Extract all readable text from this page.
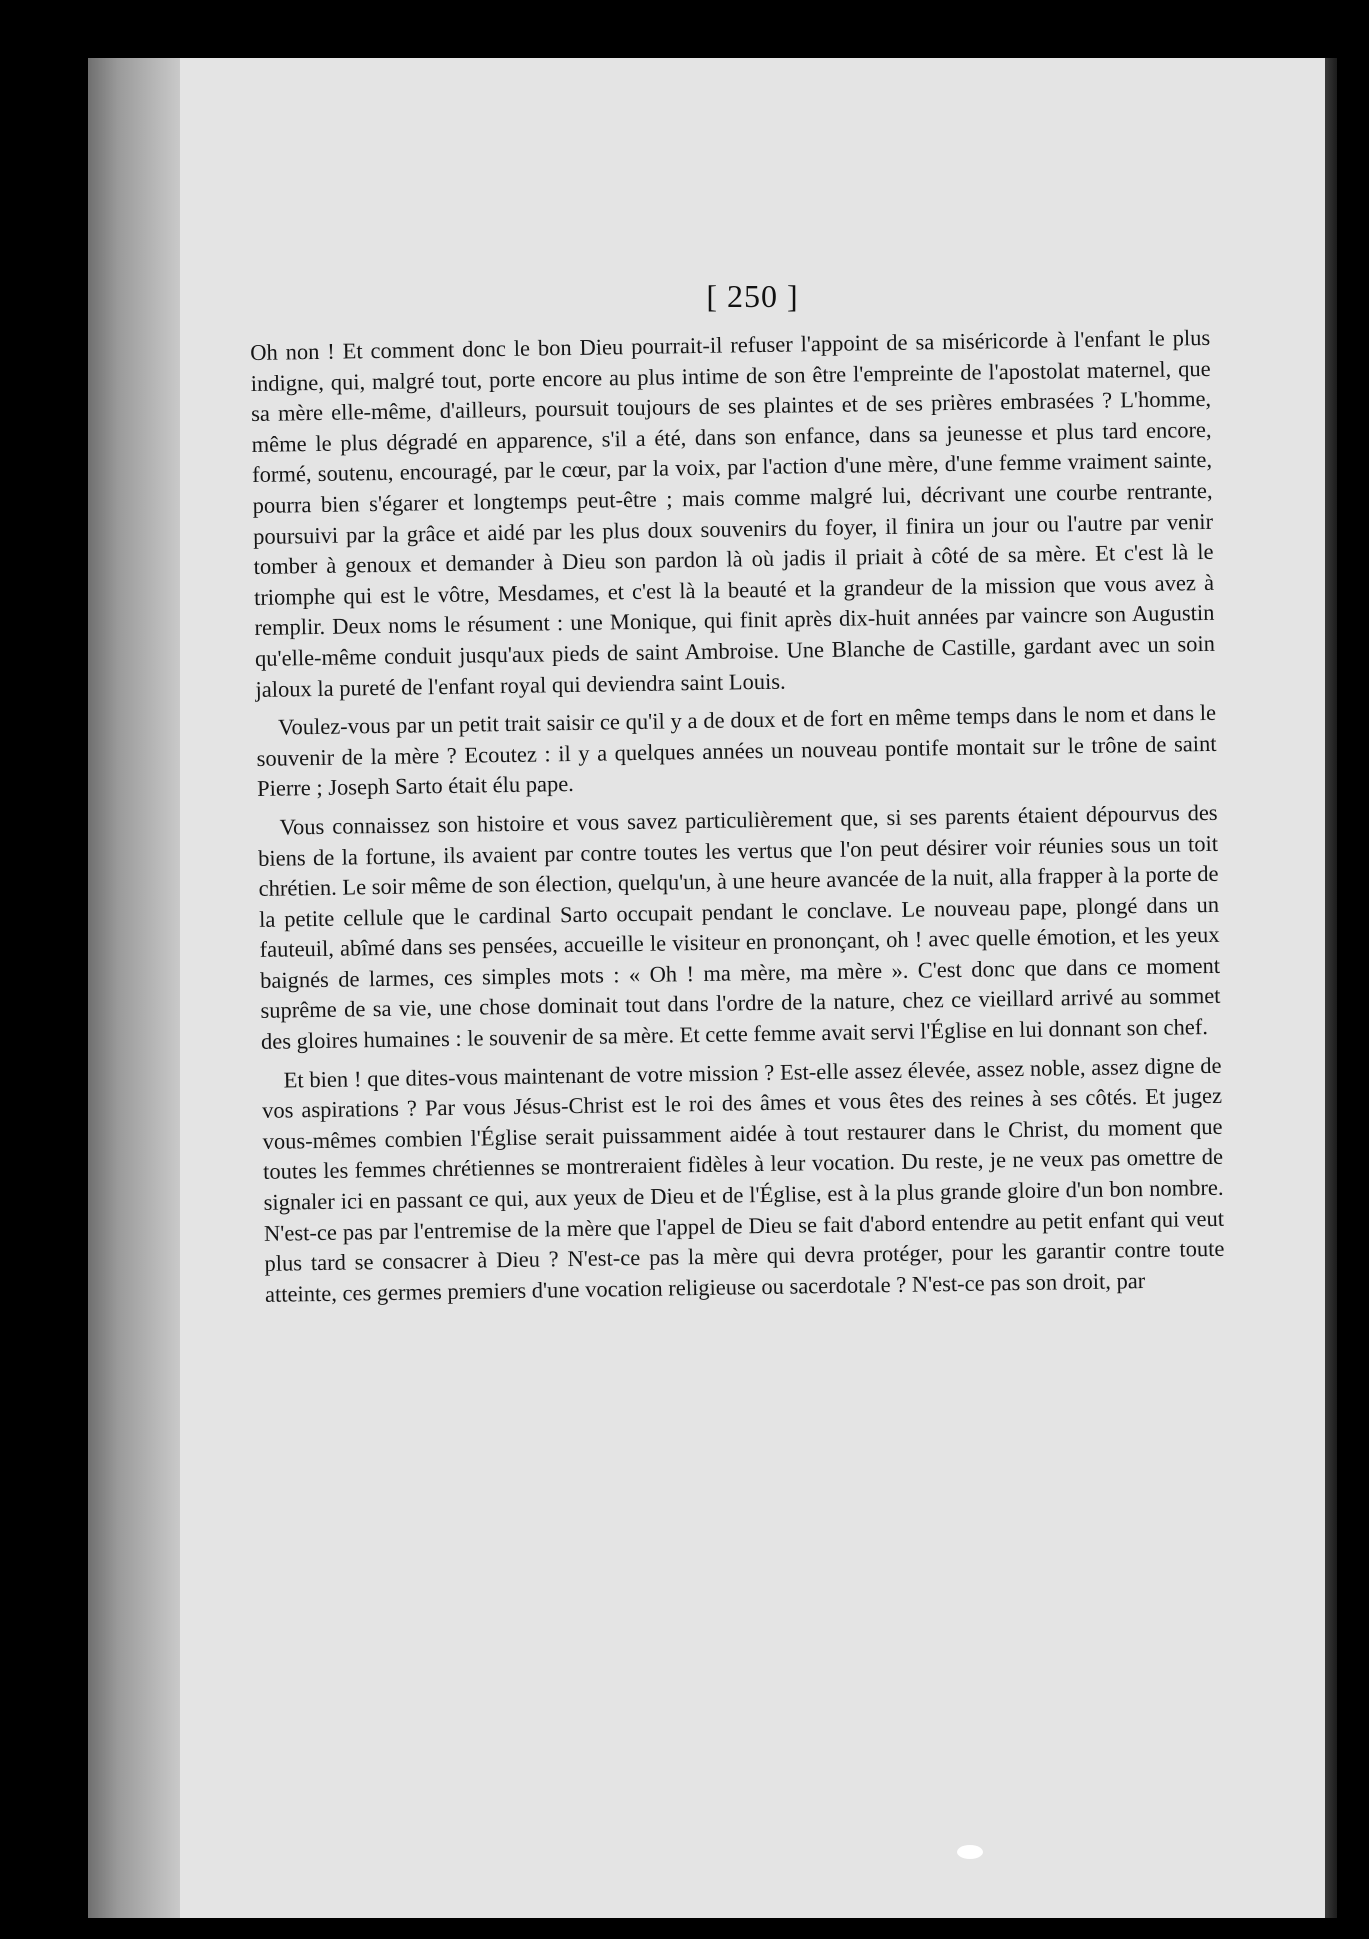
[ 250 ]

Oh non ! Et comment donc le bon Dieu pourrait-il refuser l'appoint de sa miséricorde à l'enfant le plus indigne, qui, malgré tout, porte encore au plus intime de son être l'empreinte de l'apostolat maternel, que sa mère elle-même, d'ailleurs, poursuit toujours de ses plaintes et de ses prières embrasées ? L'homme, même le plus dégradé en apparence, s'il a été, dans son enfance, dans sa jeunesse et plus tard encore, formé, soutenu, encouragé, par le cœur, par la voix, par l'action d'une mère, d'une femme vraiment sainte, pourra bien s'égarer et longtemps peut-être ; mais comme malgré lui, décrivant une courbe rentrante, poursuivi par la grâce et aidé par les plus doux souvenirs du foyer, il finira un jour ou l'autre par venir tomber à genoux et demander à Dieu son pardon là où jadis il priait à côté de sa mère. Et c'est là le triomphe qui est le vôtre, Mesdames, et c'est là la beauté et la grandeur de la mission que vous avez à remplir. Deux noms le résument : une Monique, qui finit après dix-huit années par vaincre son Augustin qu'elle-même conduit jusqu'aux pieds de saint Ambroise. Une Blanche de Castille, gardant avec un soin jaloux la pureté de l'enfant royal qui deviendra saint Louis.

Voulez-vous par un petit trait saisir ce qu'il y a de doux et de fort en même temps dans le nom et dans le souvenir de la mère ? Ecoutez : il y a quelques années un nouveau pontife montait sur le trône de saint Pierre ; Joseph Sarto était élu pape.

Vous connaissez son histoire et vous savez particulièrement que, si ses parents étaient dépourvus des biens de la fortune, ils avaient par contre toutes les vertus que l'on peut désirer voir réunies sous un toit chrétien. Le soir même de son élection, quelqu'un, à une heure avancée de la nuit, alla frapper à la porte de la petite cellule que le cardinal Sarto occupait pendant le conclave. Le nouveau pape, plongé dans un fauteuil, abîmé dans ses pensées, accueille le visiteur en prononçant, oh ! avec quelle émotion, et les yeux baignés de larmes, ces simples mots : « Oh ! ma mère, ma mère ». C'est donc que dans ce moment suprême de sa vie, une chose dominait tout dans l'ordre de la nature, chez ce vieillard arrivé au sommet des gloires humaines : le souvenir de sa mère. Et cette femme avait servi l'Église en lui donnant son chef.

Et bien ! que dites-vous maintenant de votre mission ? Est-elle assez élevée, assez noble, assez digne de vos aspirations ? Par vous Jésus-Christ est le roi des âmes et vous êtes des reines à ses côtés. Et jugez vous-mêmes combien l'Église serait puissamment aidée à tout restaurer dans le Christ, du moment que toutes les femmes chrétiennes se montreraient fidèles à leur vocation. Du reste, je ne veux pas omettre de signaler ici en passant ce qui, aux yeux de Dieu et de l'Église, est à la plus grande gloire d'un bon nombre. N'est-ce pas par l'entremise de la mère que l'appel de Dieu se fait d'abord entendre au petit enfant qui veut plus tard se consacrer à Dieu ? N'est-ce pas la mère qui devra protéger, pour les garantir contre toute atteinte, ces germes premiers d'une vocation religieuse ou sacerdotale ? N'est-ce pas son droit, par
